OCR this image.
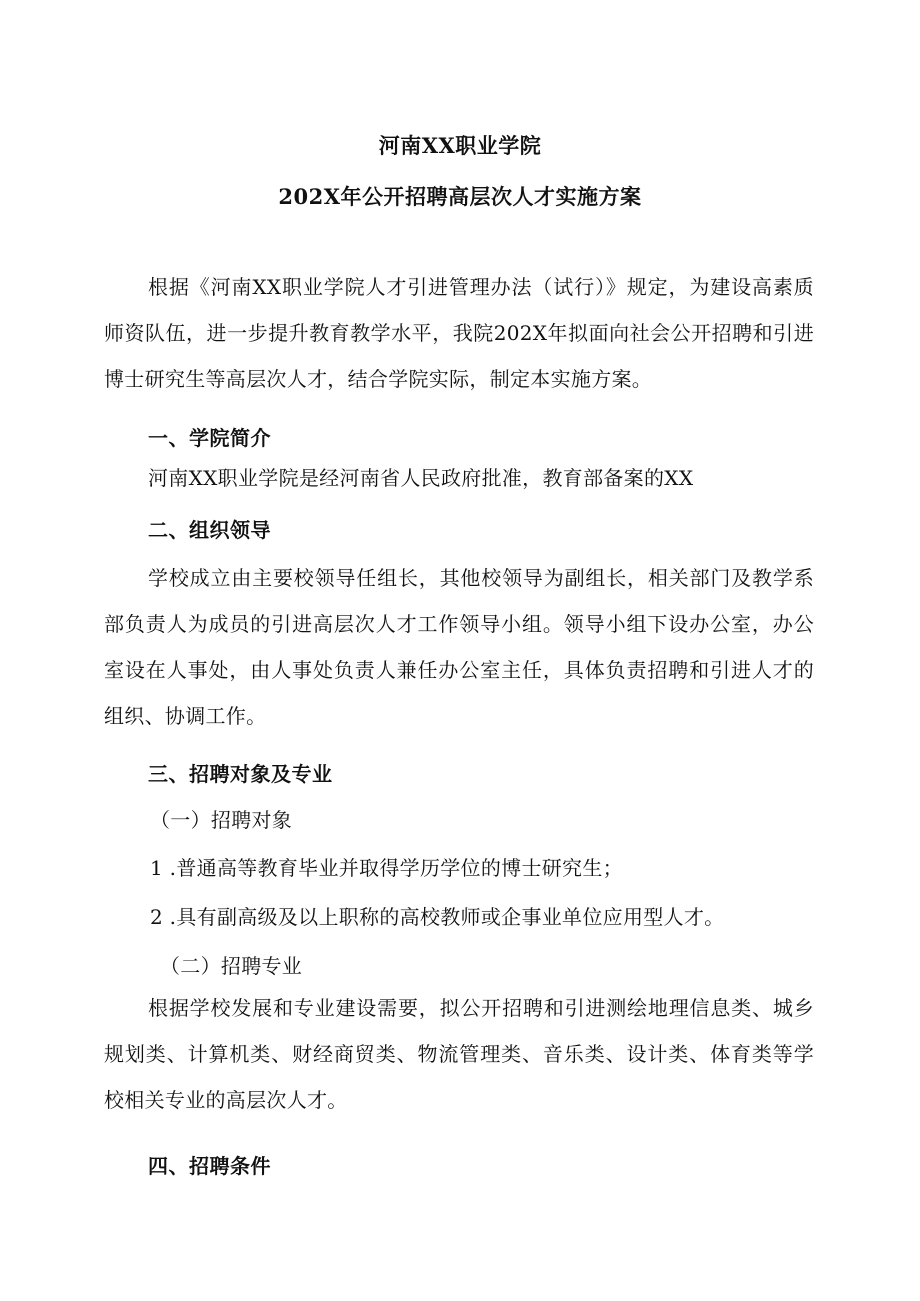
河南XX职业学院
202X年公开招聘高层次人才实施方案
根据《河南XX职业学院人才引进管理办法（试行）》规定，为建设高素质师资队伍，进一步提升教育教学水平，我院202X年拟面向社会公开招聘和引进博士研究生等高层次人才，结合学院实际，制定本实施方案。
一、学院简介
河南XX职业学院是经河南省人民政府批准，教育部备案的XX
二、组织领导
学校成立由主要校领导任组长，其他校领导为副组长，相关部门及教学系部负责人为成员的引进高层次人才工作领导小组。领导小组下设办公室，办公室设在人事处，由人事处负责人兼任办公室主任，具体负责招聘和引进人才的组织、协调工作。
三、招聘对象及专业
（一）招聘对象
1 .普通高等教育毕业并取得学历学位的博士研究生；
2 .具有副高级及以上职称的高校教师或企事业单位应用型人才。
（二）招聘专业
根据学校发展和专业建设需要，拟公开招聘和引进测绘地理信息类、城乡规划类、计算机类、财经商贸类、物流管理类、音乐类、设计类、体育类等学校相关专业的高层次人才。
四、招聘条件
